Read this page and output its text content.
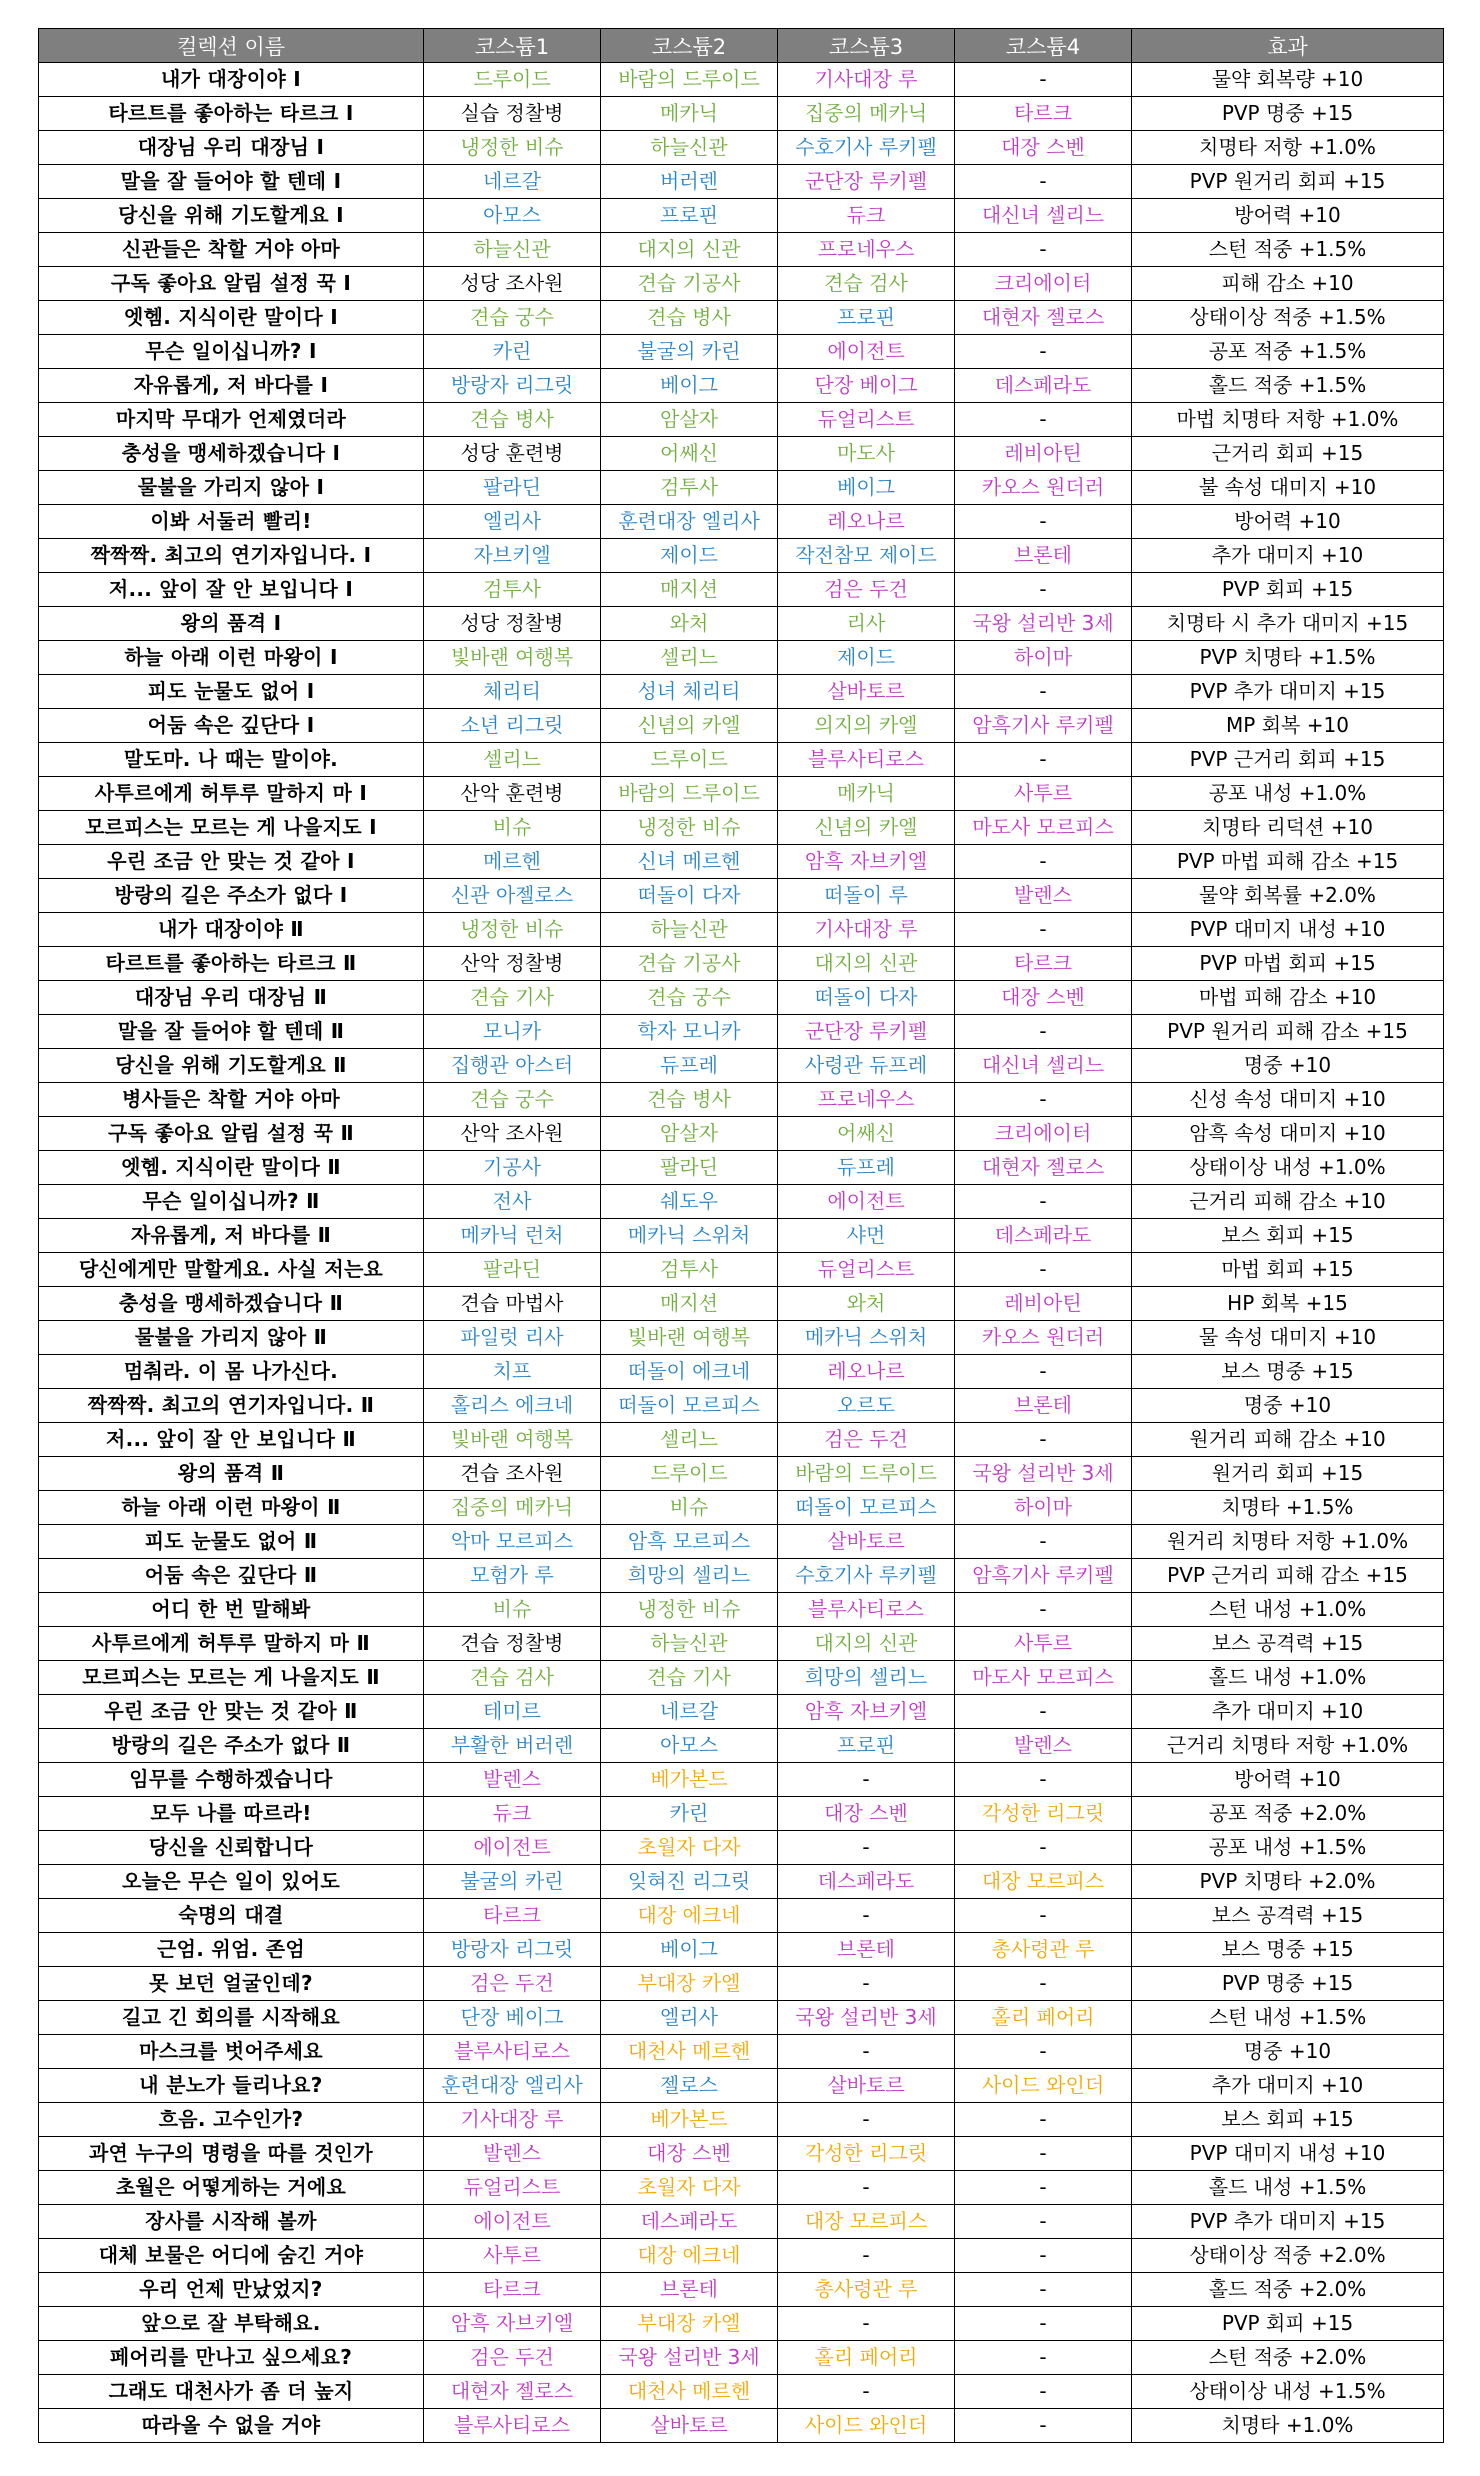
컬렉션 이름	코스튬1	코스튬2	코스튬3	코스튬4	효과
내가 대장이야 Ⅰ	드루이드	바람의 드루이드	기사대장 루	-	물약 회복량 +10
타르트를 좋아하는 타르크 Ⅰ	실습 정찰병	메카닉	집중의 메카닉	타르크	PVP 명중 +15
대장님 우리 대장님 Ⅰ	냉정한 비슈	하늘신관	수호기사 루키펠	대장 스벤	치명타 저항 +1.0%
말을 잘 들어야 할 텐데 Ⅰ	네르갈	버러렌	군단장 루키펠	-	PVP 원거리 회피 +15
당신을 위해 기도할게요 Ⅰ	아모스	프로핀	듀크	대신녀 셀리느	방어력 +10
신관들은 착할 거야 아마	하늘신관	대지의 신관	프로네우스	-	스턴 적중 +1.5%
구독 좋아요 알림 설정 꾹 Ⅰ	성당 조사원	견습 기공사	견습 검사	크리에이터	피해 감소 +10
엣헴. 지식이란 말이다 Ⅰ	견습 궁수	견습 병사	프로핀	대현자 젤로스	상태이상 적중 +1.5%
무슨 일이십니까? Ⅰ	카린	불굴의 카린	에이전트	-	공포 적중 +1.5%
자유롭게, 저 바다를 Ⅰ	방랑자 리그릿	베이그	단장 베이그	데스페라도	홀드 적중 +1.5%
마지막 무대가 언제였더라	견습 병사	암살자	듀얼리스트	-	마법 치명타 저항 +1.0%
충성을 맹세하겠습니다 Ⅰ	성당 훈련병	어쌔신	마도사	레비아틴	근거리 회피 +15
물불을 가리지 않아 Ⅰ	팔라딘	검투사	베이그	카오스 원더러	불 속성 대미지 +10
이봐 서둘러 빨리!	엘리사	훈련대장 엘리사	레오나르	-	방어력 +10
짝짝짝. 최고의 연기자입니다. Ⅰ	자브키엘	제이드	작전참모 제이드	브론테	추가 대미지 +10
저... 앞이 잘 안 보입니다 Ⅰ	검투사	매지션	검은 두건	-	PVP 회피 +15
왕의 품격 Ⅰ	성당 정찰병	와처	리사	국왕 설리반 3세	치명타 시 추가 대미지 +15
하늘 아래 이런 마왕이 Ⅰ	빛바랜 여행복	셀리느	제이드	하이마	PVP 치명타 +1.5%
피도 눈물도 없어 Ⅰ	체리티	성녀 체리티	살바토르	-	PVP 추가 대미지 +15
어둠 속은 깊단다 Ⅰ	소년 리그릿	신념의 카엘	의지의 카엘	암흑기사 루키펠	MP 회복 +10
말도마. 나 때는 말이야.	셀리느	드루이드	블루사티로스	-	PVP 근거리 회피 +15
사투르에게 허투루 말하지 마 Ⅰ	산악 훈련병	바람의 드루이드	메카닉	사투르	공포 내성 +1.0%
모르피스는 모르는 게 나을지도 Ⅰ	비슈	냉정한 비슈	신념의 카엘	마도사 모르피스	치명타 리덕션 +10
우린 조금 안 맞는 것 같아 Ⅰ	메르헨	신녀 메르헨	암흑 자브키엘	-	PVP 마법 피해 감소 +15
방랑의 길은 주소가 없다 Ⅰ	신관 아젤로스	떠돌이 다자	떠돌이 루	발렌스	물약 회복률 +2.0%
내가 대장이야 Ⅱ	냉정한 비슈	하늘신관	기사대장 루	-	PVP 대미지 내성 +10
타르트를 좋아하는 타르크 Ⅱ	산악 정찰병	견습 기공사	대지의 신관	타르크	PVP 마법 회피 +15
대장님 우리 대장님 Ⅱ	견습 기사	견습 궁수	떠돌이 다자	대장 스벤	마법 피해 감소 +10
말을 잘 들어야 할 텐데 Ⅱ	모니카	학자 모니카	군단장 루키펠	-	PVP 원거리 피해 감소 +15
당신을 위해 기도할게요 Ⅱ	집행관 아스터	듀프레	사령관 듀프레	대신녀 셀리느	명중 +10
병사들은 착할 거야 아마	견습 궁수	견습 병사	프로네우스	-	신성 속성 대미지 +10
구독 좋아요 알림 설정 꾹 Ⅱ	산악 조사원	암살자	어쌔신	크리에이터	암흑 속성 대미지 +10
엣헴. 지식이란 말이다 Ⅱ	기공사	팔라딘	듀프레	대현자 젤로스	상태이상 내성 +1.0%
무슨 일이십니까? Ⅱ	전사	쉐도우	에이전트	-	근거리 피해 감소 +10
자유롭게, 저 바다를 Ⅱ	메카닉 런처	메카닉 스위처	샤먼	데스페라도	보스 회피 +15
당신에게만 말할게요. 사실 저는요	팔라딘	검투사	듀얼리스트	-	마법 회피 +15
충성을 맹세하겠습니다 Ⅱ	견습 마법사	매지션	와처	레비아틴	HP 회복 +15
물불을 가리지 않아 Ⅱ	파일럿 리사	빛바랜 여행복	메카닉 스위처	카오스 원더러	물 속성 대미지 +10
멈춰라. 이 몸 나가신다.	치프	떠돌이 에크네	레오나르	-	보스 명중 +15
짝짝짝. 최고의 연기자입니다. Ⅱ	홀리스 에크네	떠돌이 모르피스	오르도	브론테	명중 +10
저... 앞이 잘 안 보입니다 Ⅱ	빛바랜 여행복	셀리느	검은 두건	-	원거리 피해 감소 +10
왕의 품격 Ⅱ	견습 조사원	드루이드	바람의 드루이드	국왕 설리반 3세	원거리 회피 +15
하늘 아래 이런 마왕이 Ⅱ	집중의 메카닉	비슈	떠돌이 모르피스	하이마	치명타 +1.5%
피도 눈물도 없어 Ⅱ	악마 모르피스	암흑 모르피스	살바토르	-	원거리 치명타 저항 +1.0%
어둠 속은 깊단다 Ⅱ	모험가 루	희망의 셀리느	수호기사 루키펠	암흑기사 루키펠	PVP 근거리 피해 감소 +15
어디 한 번 말해봐	비슈	냉정한 비슈	블루사티로스	-	스턴 내성 +1.0%
사투르에게 허투루 말하지 마 Ⅱ	견습 정찰병	하늘신관	대지의 신관	사투르	보스 공격력 +15
모르피스는 모르는 게 나을지도 Ⅱ	견습 검사	견습 기사	희망의 셀리느	마도사 모르피스	홀드 내성 +1.0%
우린 조금 안 맞는 것 같아 Ⅱ	테미르	네르갈	암흑 자브키엘	-	추가 대미지 +10
방랑의 길은 주소가 없다 Ⅱ	부활한 버러렌	아모스	프로핀	발렌스	근거리 치명타 저항 +1.0%
임무를 수행하겠습니다	발렌스	베가본드	-	-	방어력 +10
모두 나를 따르라!	듀크	카린	대장 스벤	각성한 리그릿	공포 적중 +2.0%
당신을 신뢰합니다	에이전트	초월자 다자	-	-	공포 내성 +1.5%
오늘은 무슨 일이 있어도	불굴의 카린	잊혀진 리그릿	데스페라도	대장 모르피스	PVP 치명타 +2.0%
숙명의 대결	타르크	대장 에크네	-	-	보스 공격력 +15
근엄. 위엄. 존엄	방랑자 리그릿	베이그	브론테	총사령관 루	보스 명중 +15
못 보던 얼굴인데?	검은 두건	부대장 카엘	-	-	PVP 명중 +15
길고 긴 회의를 시작해요	단장 베이그	엘리사	국왕 설리반 3세	홀리 페어리	스턴 내성 +1.5%
마스크를 벗어주세요	블루사티로스	대천사 메르헨	-	-	명중 +10
내 분노가 들리나요?	훈련대장 엘리사	젤로스	살바토르	사이드 와인더	추가 대미지 +10
흐음. 고수인가?	기사대장 루	베가본드	-	-	보스 회피 +15
과연 누구의 명령을 따를 것인가	발렌스	대장 스벤	각성한 리그릿	-	PVP 대미지 내성 +10
초월은 어떻게하는 거에요	듀얼리스트	초월자 다자	-	-	홀드 내성 +1.5%
장사를 시작해 볼까	에이전트	데스페라도	대장 모르피스	-	PVP 추가 대미지 +15
대체 보물은 어디에 숨긴 거야	사투르	대장 에크네	-	-	상태이상 적중 +2.0%
우리 언제 만났었지?	타르크	브론테	총사령관 루	-	홀드 적중 +2.0%
앞으로 잘 부탁해요.	암흑 자브키엘	부대장 카엘	-	-	PVP 회피 +15
페어리를 만나고 싶으세요?	검은 두건	국왕 설리반 3세	홀리 페어리	-	스턴 적중 +2.0%
그래도 대천사가 좀 더 높지	대현자 젤로스	대천사 메르헨	-	-	상태이상 내성 +1.5%
따라올 수 없을 거야	블루사티로스	살바토르	사이드 와인더	-	치명타 +1.0%
